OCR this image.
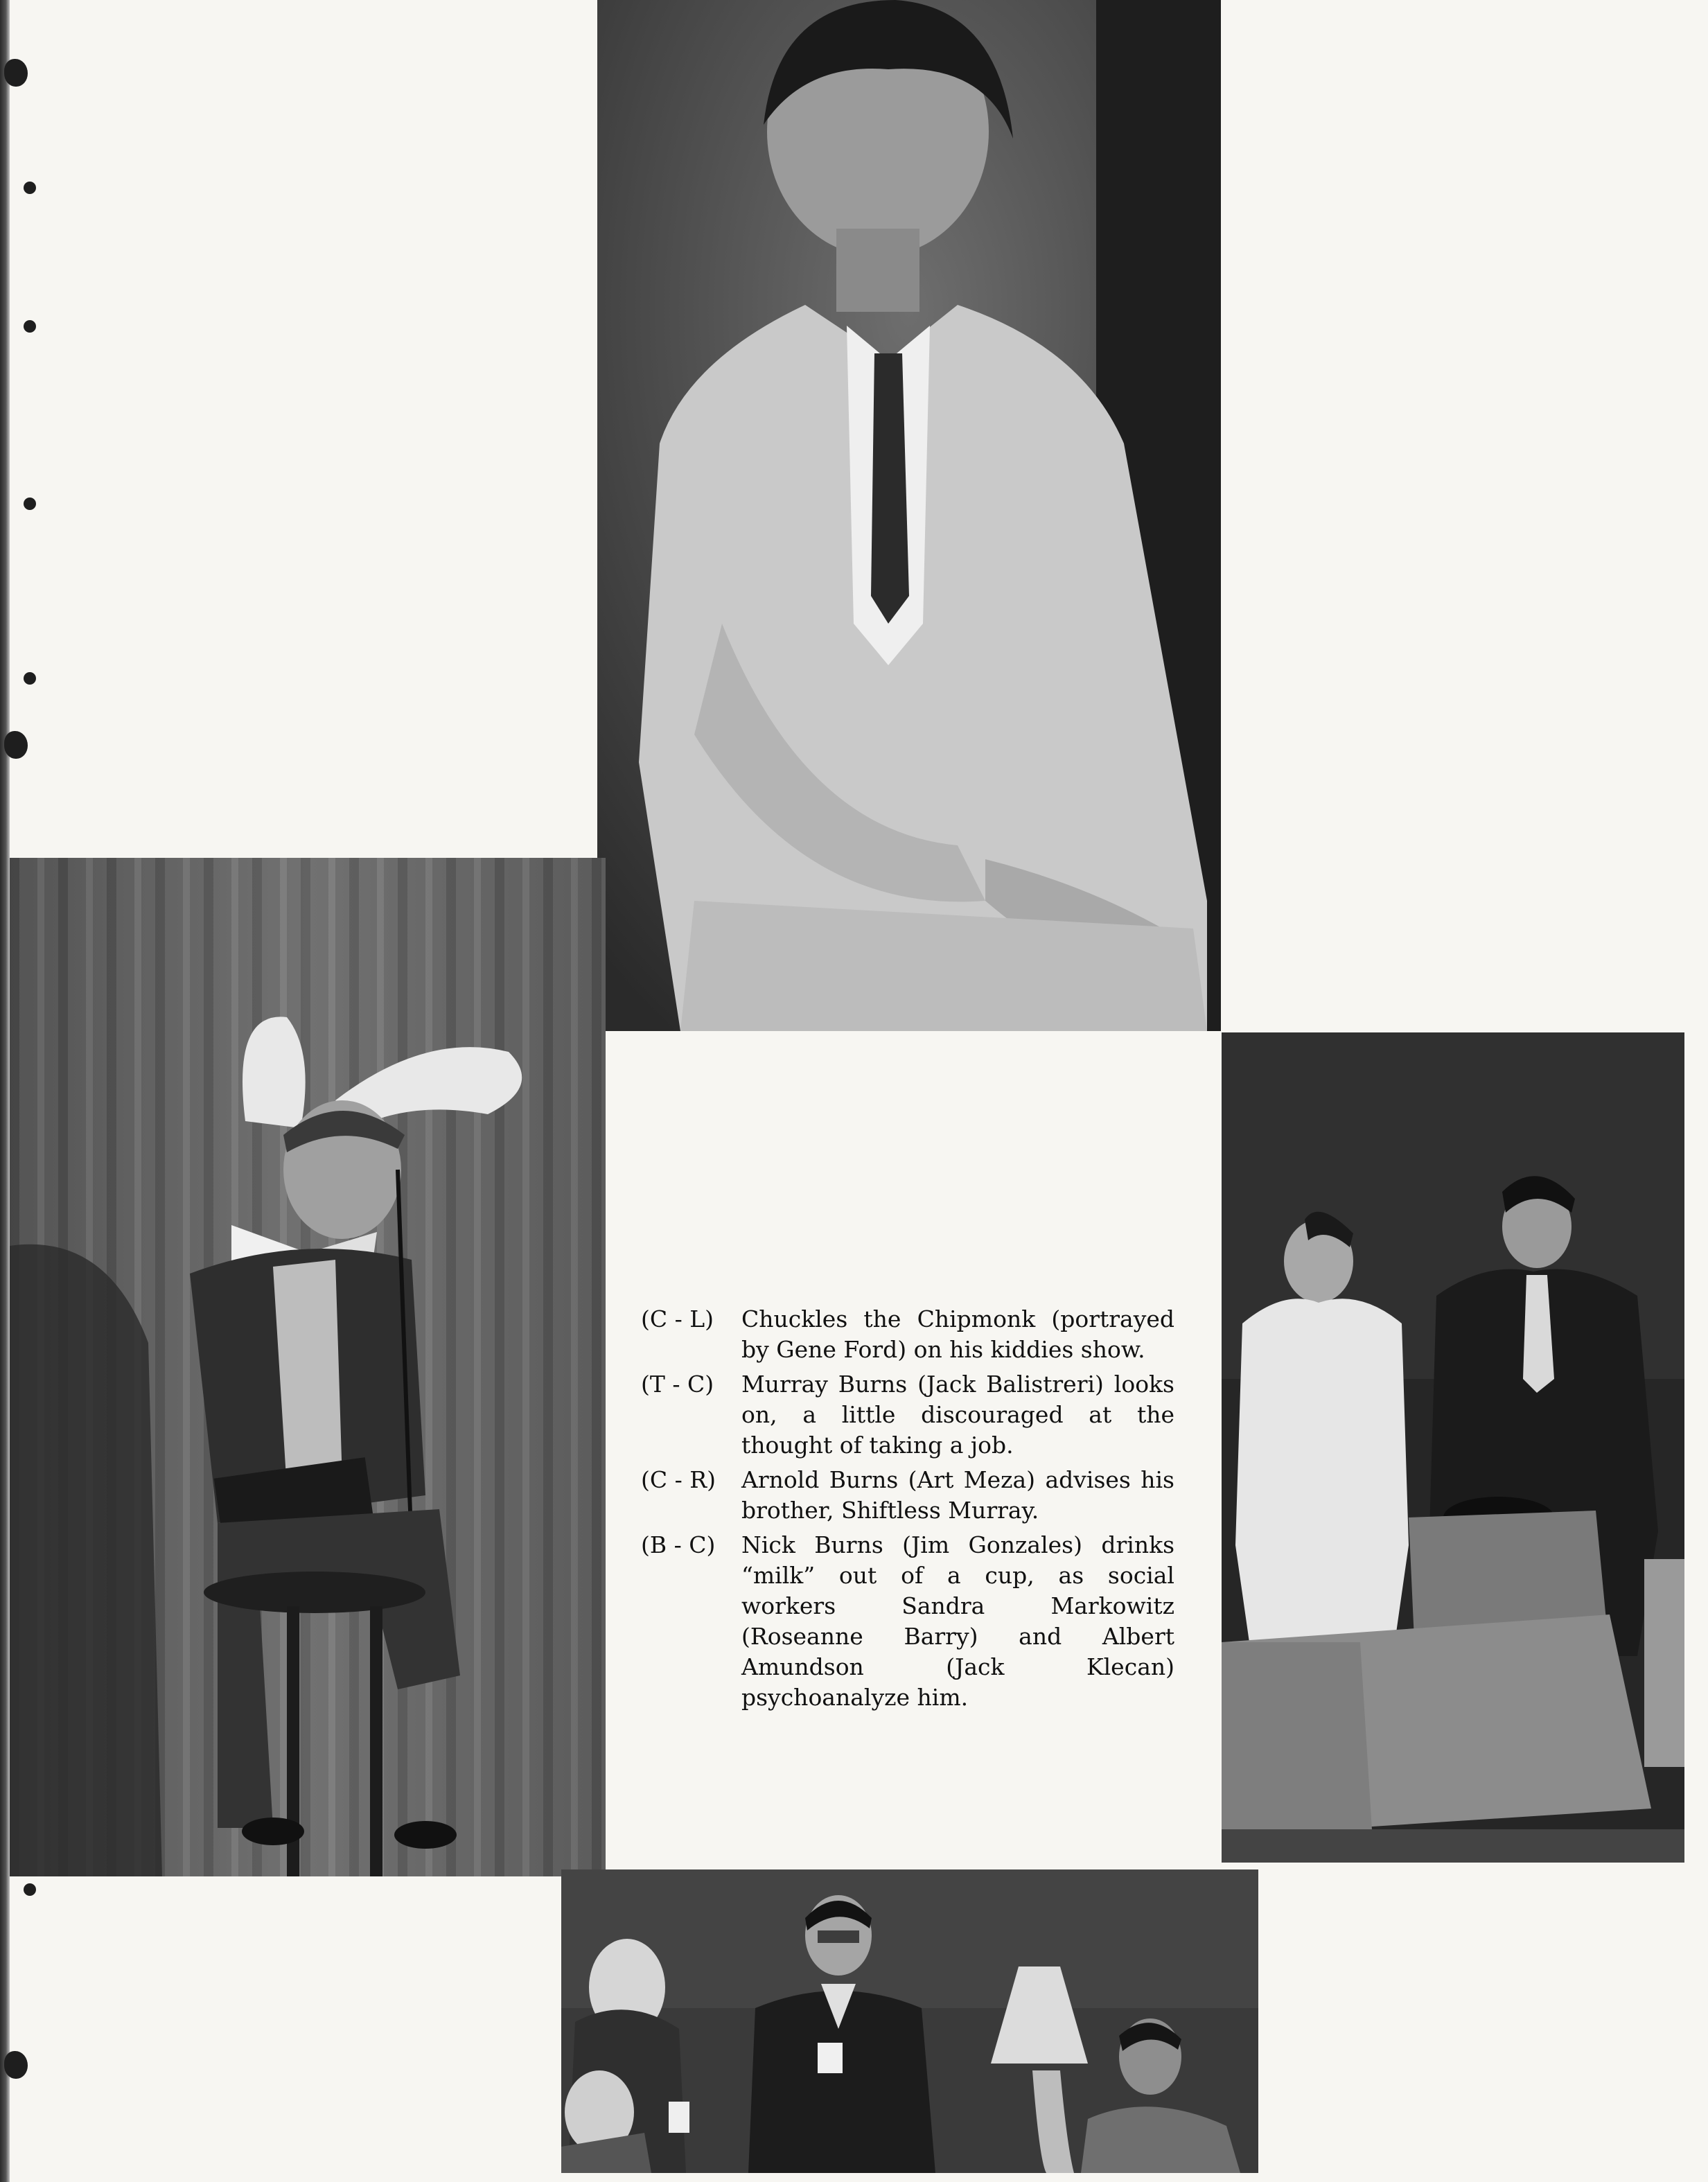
(C - L)	Chuckles the Chipmonk (portrayed by Gene Ford) on his kiddies show.
(T - C)	Murray Burns (Jack Balistreri) looks on, a little discouraged at the thought of taking a job.
(C - R)	Arnold Burns (Art Meza) advises his brother, Shiftless Murray.
(B - C)	Nick Burns (Jim Gonzales) drinks “milk” out of a cup, as social workers Sandra Markowitz (Roseanne Barry) and Albert Amundson (Jack Klecan) psychoanalyze him.
